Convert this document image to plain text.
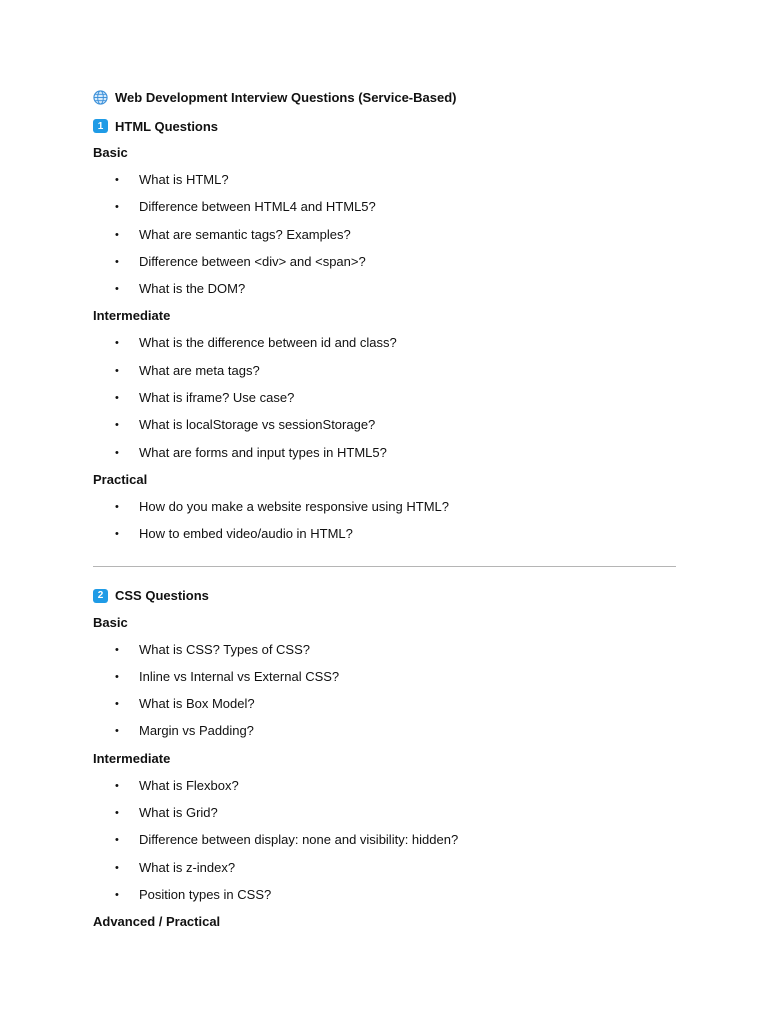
Web Development Interview Questions (Service-Based)
1 HTML Questions
Basic
• What is HTML?
• Difference between HTML4 and HTML5?
• What are semantic tags? Examples?
• Difference between <div> and <span>?
• What is the DOM?
Intermediate
• What is the difference between id and class?
• What are meta tags?
• What is iframe? Use case?
• What is localStorage vs sessionStorage?
• What are forms and input types in HTML5?
Practical
• How do you make a website responsive using HTML?
• How to embed video/audio in HTML?
2 CSS Questions
Basic
• What is CSS? Types of CSS?
• Inline vs Internal vs External CSS?
• What is Box Model?
• Margin vs Padding?
Intermediate
• What is Flexbox?
• What is Grid?
• Difference between display: none and visibility: hidden?
• What is z-index?
• Position types in CSS?
Advanced / Practical
